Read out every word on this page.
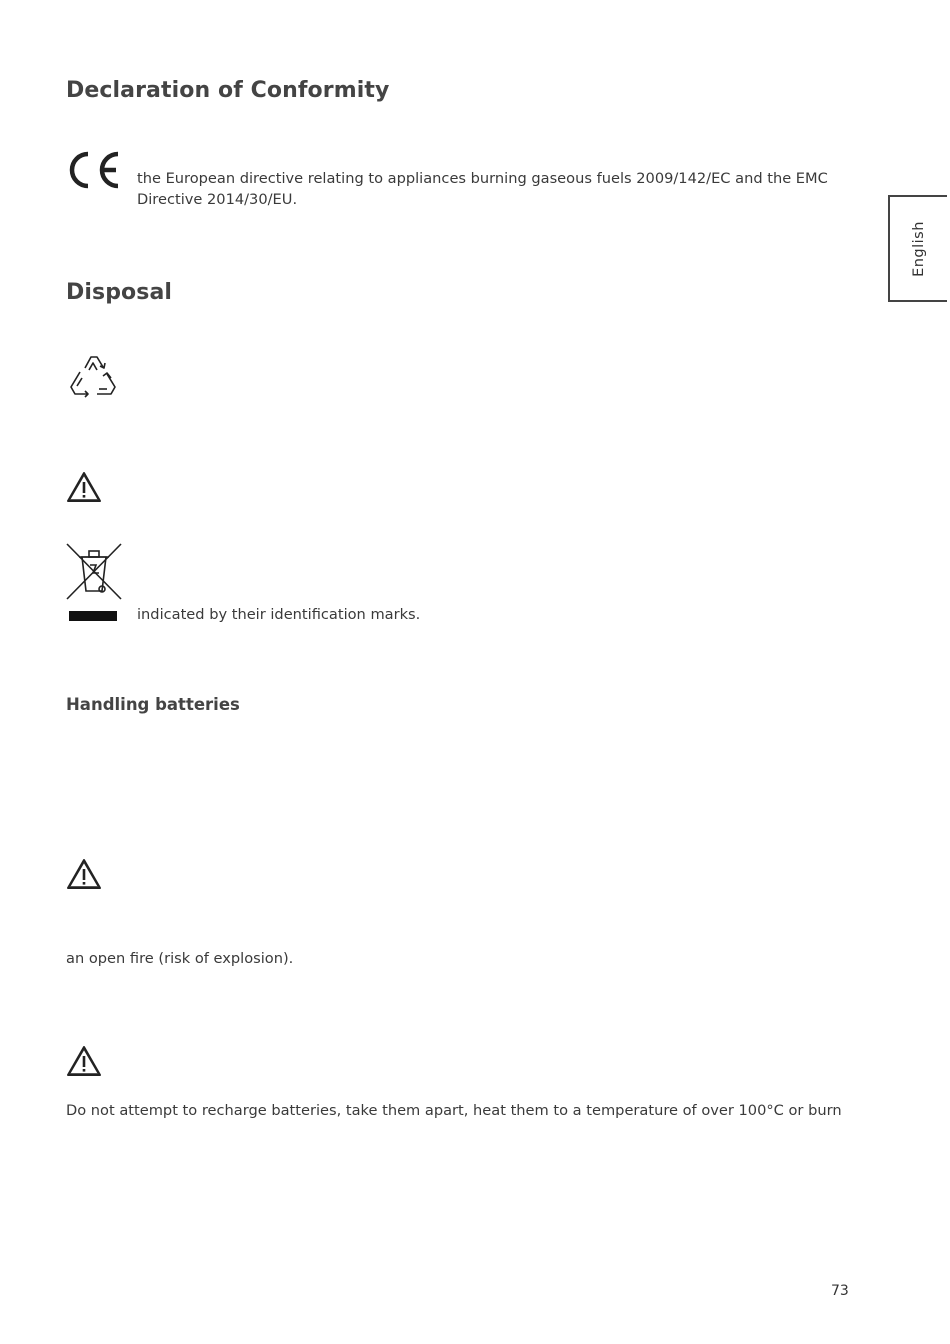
English
Declaration of Conformity
the European directive relating to appliances burning gaseous fuels 2009/142/EC and the EMC
Directive 2014/30/EU.
Disposal
indicated by their identification marks.
Handling batteries
an open fire (risk of explosion).
Do not attempt to recharge batteries, take them apart, heat them to a temperature of over 100°C or burn
73
